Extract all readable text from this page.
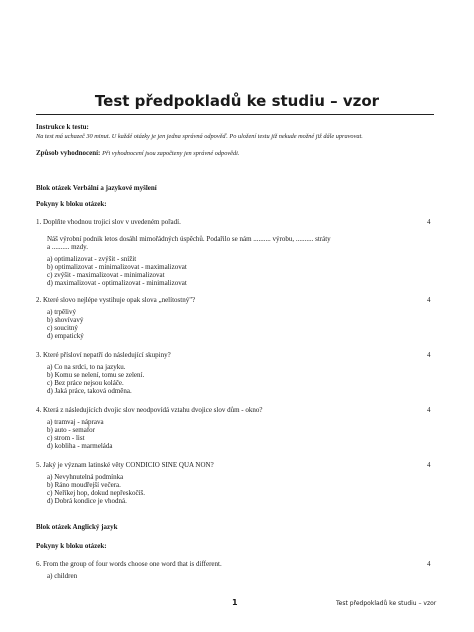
Test předpokladů ke studiu – vzor
Instrukce k testu:
Na test má uchazeč 30 minut. U každé otázky je jen jedna správná odpověď. Po uložení testu již nekude možné již dále upravovat.
Způsob vyhodnocení: Při vyhodnocení jsou započteny jen správné odpovědi.
Blok otázek Verbální a jazykové myšlení
Pokyny k bloku otázek:
1. Doplňte vhodnou trojici slov v uvedeném pořadí.	4
Náš výrobní podnik letos dosáhl mimořádných úspěchů. Podařilo se nám .......... výrobu, .......... stráty
a .......... mzdy.
a) optimalizovat - zvýšit - snížit
b) optimalizovat - minimalizovat - maximalizovat
c) zvýšit - maximalizovat - minimalizovat
d) maximalizovat - optimalizovat - minimalizovat
2. Které slovo nejlépe vystihuje opak slova „nelítostný"?	4
a) trpělivý
b) shovívavý
c) soucitný
d) empatický
3. Které přísloví nepatří do následující skupiny?	4
a) Co na srdci, to na jazyku.
b) Komu se nelení, tomu se zelení.
c) Bez práce nejsou koláče.
d) Jaká práce, taková odměna.
4. Která z následujících dvojic slov neodpovídá vztahu dvojice slov dům - okno?	4
a) tramvaj - náprava
b) auto - semafor
c) strom - list
d) kobliha - marmeláda
5. Jaký je význam latinské věty CONDICIO SINE QUA NON?	4
a) Nevyhnutelná podmínka
b) Ráno moudřejší večera.
c) Neříkej hop, dokud nepřeskočíš.
d) Dobrá kondice je vhodná.
Blok otázek Anglický jazyk
Pokyny k bloku otázek:
6. From the group of four words choose one word that is different.	4
a) children
1	Test předpokladů ke studiu – vzor
